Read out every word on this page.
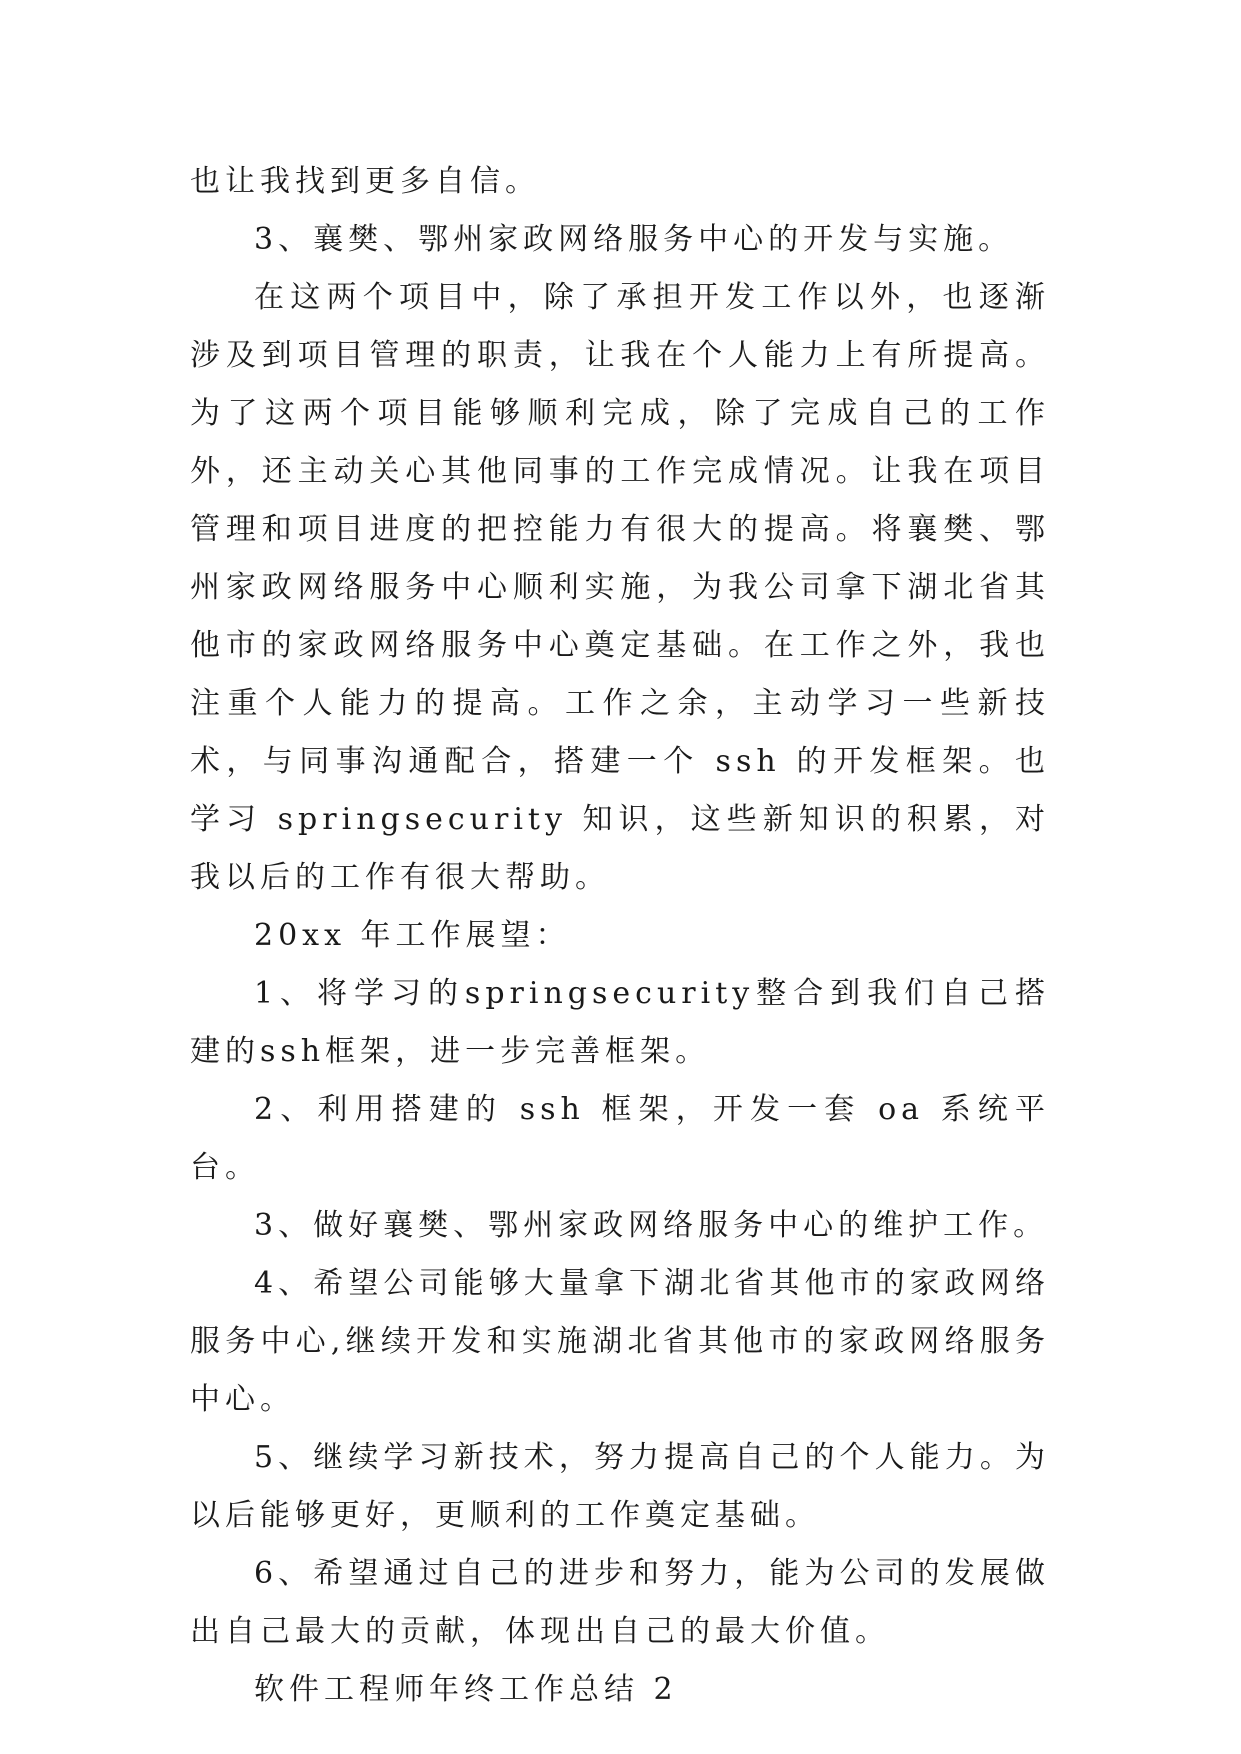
也让我找到更多自信。

3、襄樊、鄂州家政网络服务中心的开发与实施。

在这两个项目中，除了承担开发工作以外，也逐渐涉及到项目管理的职责，让我在个人能力上有所提高。为了这两个项目能够顺利完成，除了完成自己的工作外，还主动关心其他同事的工作完成情况。让我在项目管理和项目进度的把控能力有很大的提高。将襄樊、鄂州家政网络服务中心顺利实施，为我公司拿下湖北省其他市的家政网络服务中心奠定基础。在工作之外，我也注重个人能力的提高。工作之余，主动学习一些新技术，与同事沟通配合，搭建一个 ssh 的开发框架。也学习 springsecurity 知识，这些新知识的积累，对我以后的工作有很大帮助。

20xx 年工作展望：

1、将学习的springsecurity整合到我们自己搭建的ssh框架，进一步完善框架。

2、利用搭建的 ssh 框架，开发一套 oa 系统平台。

3、做好襄樊、鄂州家政网络服务中心的维护工作。

4、希望公司能够大量拿下湖北省其他市的家政网络服务中心,继续开发和实施湖北省其他市的家政网络服务中心。

5、继续学习新技术，努力提高自己的个人能力。为以后能够更好，更顺利的工作奠定基础。

6、希望通过自己的进步和努力，能为公司的发展做出自己最大的贡献，体现出自己的最大价值。

软件工程师年终工作总结 2
